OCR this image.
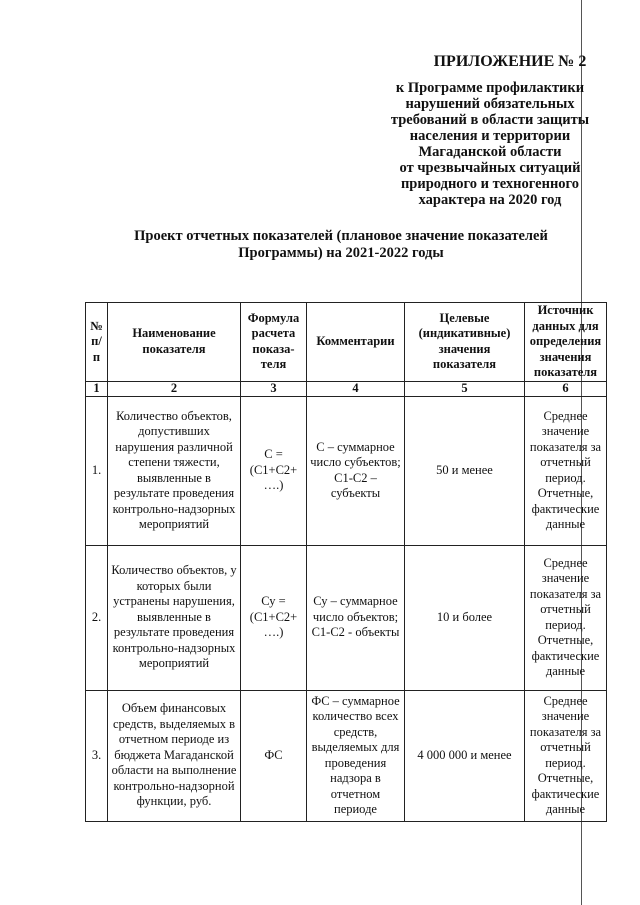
ПРИЛОЖЕНИЕ № 2
к Программе профилактики
нарушений обязательных
требований в области защиты
населения и территории
Магаданской области
от чрезвычайных ситуаций
природного и техногенного
характера на 2020 год
Проект отчетных показателей (плановое значение показателей
Программы) на 2021-2022 годы
№ п/п	Наименование показателя	Формула расчета показа-теля	Комментарии	Целевые (индикативные) значения показателя	Источник данных для определения значения показателя
1	2	3	4	5	6
1.	Количество объектов, допустивших нарушения различной степени тяжести, выявленные в результате проведения контрольно-надзорных мероприятий	С = (С1+С2+ ….)	С – суммарное число субъектов; С1-С2 – субъекты	50 и менее	Среднее значение показателя за отчетный период. Отчетные, фактические данные
2.	Количество объектов, у которых были устранены нарушения, выявленные в результате проведения контрольно-надзорных мероприятий	Су = (С1+С2+ ….)	Су – суммарное число объектов; С1-С2 - объекты	10 и более	Среднее значение показателя за отчетный период. Отчетные, фактические данные
3.	Объем финансовых средств, выделяемых в отчетном периоде из бюджета Магаданской области на выполнение контрольно-надзорной функции, руб.	ФС	ФС – суммарное количество всех средств, выделяемых для проведения надзора в отчетном периоде	4 000 000 и менее	Среднее значение показателя за отчетный период. Отчетные, фактические данные
